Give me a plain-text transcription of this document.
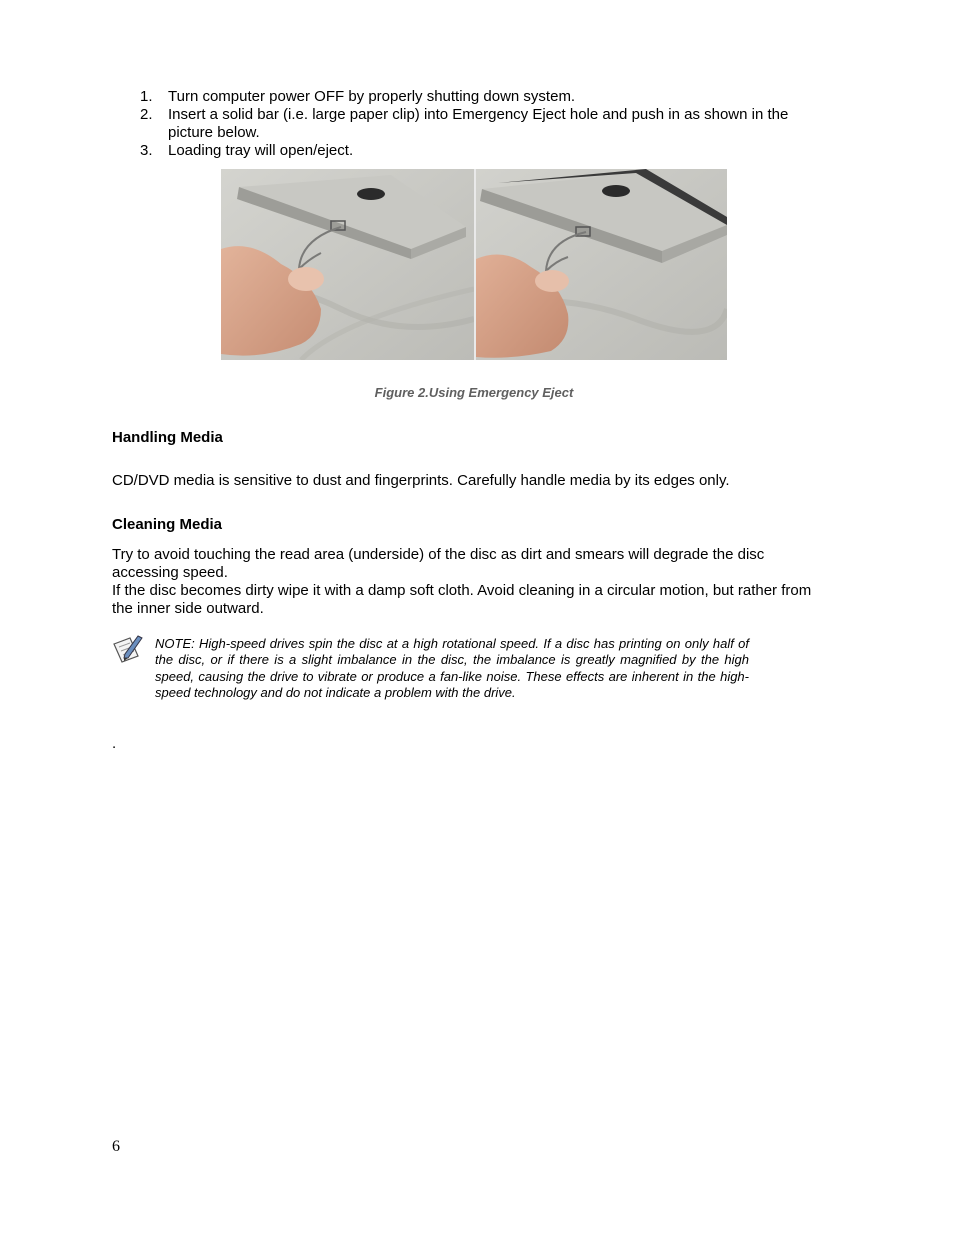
1.	Turn computer power OFF by properly shutting down system.
2.	Insert a solid bar (i.e. large paper clip) into Emergency Eject hole and push in as shown in the picture below.
3.	Loading tray will open/eject.
Figure 2.Using Emergency Eject
Handling Media
CD/DVD media is sensitive to dust and fingerprints. Carefully handle media by its edges only.
Cleaning Media
Try to avoid touching the read area (underside) of the disc as dirt and smears will degrade the disc accessing speed.
If the disc becomes dirty wipe it with a damp soft cloth. Avoid cleaning in a circular motion, but rather from the inner side outward.
NOTE: High-speed drives spin the disc at a high rotational speed. If a disc has printing on only half of the disc, or if there is a slight imbalance in the disc, the imbalance is greatly magnified by the high speed, causing the drive to vibrate or produce a fan-like noise. These effects are inherent in the high-speed technology and do not indicate a problem with the drive.
.
6
